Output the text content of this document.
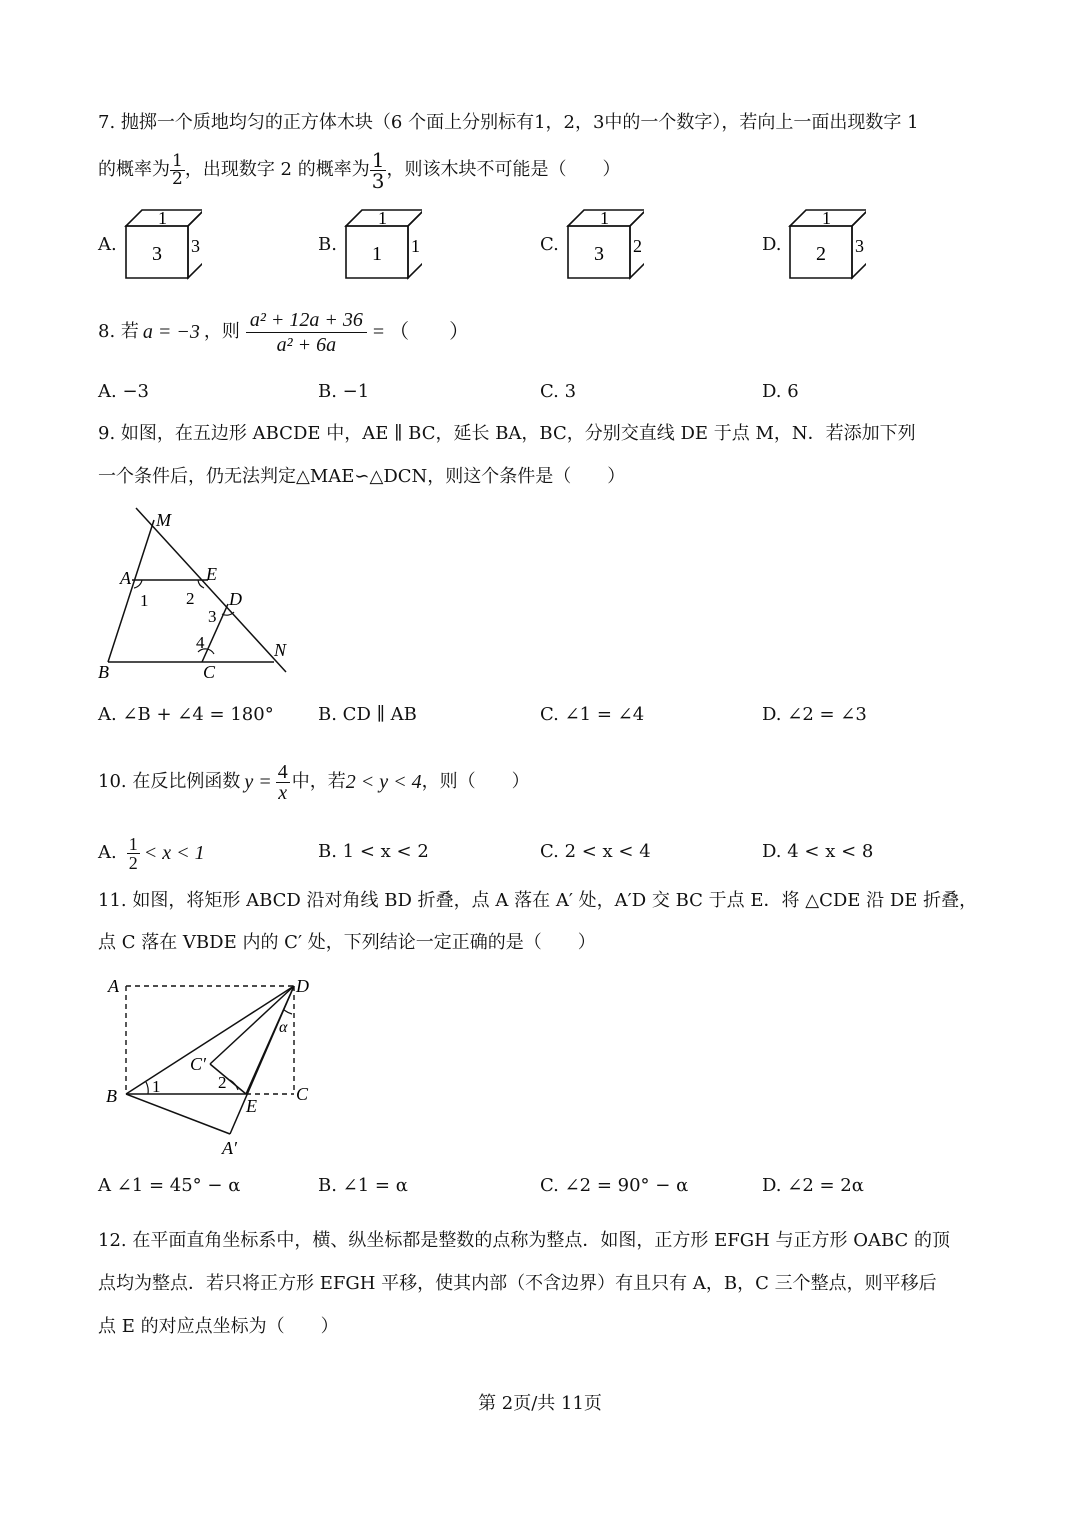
7. 抛掷一个质地均匀的正方体木块（6 个面上分别标有1，2，3中的一个数字），若向上一面出现数字 1
的概率为 $\frac{1}{2}$ ，出现数字 2 的概率为 $\frac{1}{3}$ ，则该木块不可能是（　　）
A.
1
3 3	B.
1
1 1	C.
1
3 2	D.
1
2 3
8. 若 a = −3 ，则 $\frac{\text{a² + 12a + 36}}{\text{a² + 6a}}$ = （　　）
A. −3	B. −1	C. 3	D. 6
9. 如图，在五边形 ABCDE 中，AE ∥ BC，延长 BA，BC，分别交直线 DE 于点 M，N．若添加下列
一个条件后，仍无法判定△MAE∽△DCN，则这个条件是（　　）
M
A	E
D
1 2
3
4	N
B	C
A. ∠B + ∠4 = 180° B. CD ∥ AB	C. ∠1 = ∠4	D. ∠2 = ∠3
10. 在反比例函数 $y = \frac{4}{x}$ 中，若 2 < y < 4 ，则（　　）
A. $\frac{1}{2} < x < 1$	B. 1 < x < 2	C. 2 < x < 4	D. 4 < x < 8
11. 如图，将矩形 ABCD 沿对角线 BD 折叠，点 A 落在 A′ 处，A′D 交 BC 于点 E．将 △CDE 沿 DE 折叠，
点 C 落在 VBDE 内的 C′ 处，下列结论一定正确的是（　　）
A	D
α
C′
B 1	2
E
C
A′
A ∠1 = 45° − α	B. ∠1 = α	C. ∠2 = 90° − α	D. ∠2 = 2α
12. 在平面直角坐标系中，横、纵坐标都是整数的点称为整点．如图，正方形 EFGH 与正方形 OABC 的顶
点均为整点．若只将正方形 EFGH 平移，使其内部（不含边界）有且只有 A，B，C 三个整点，则平移后
点 E 的对应点坐标为（　　）
第 2页/共 11页
